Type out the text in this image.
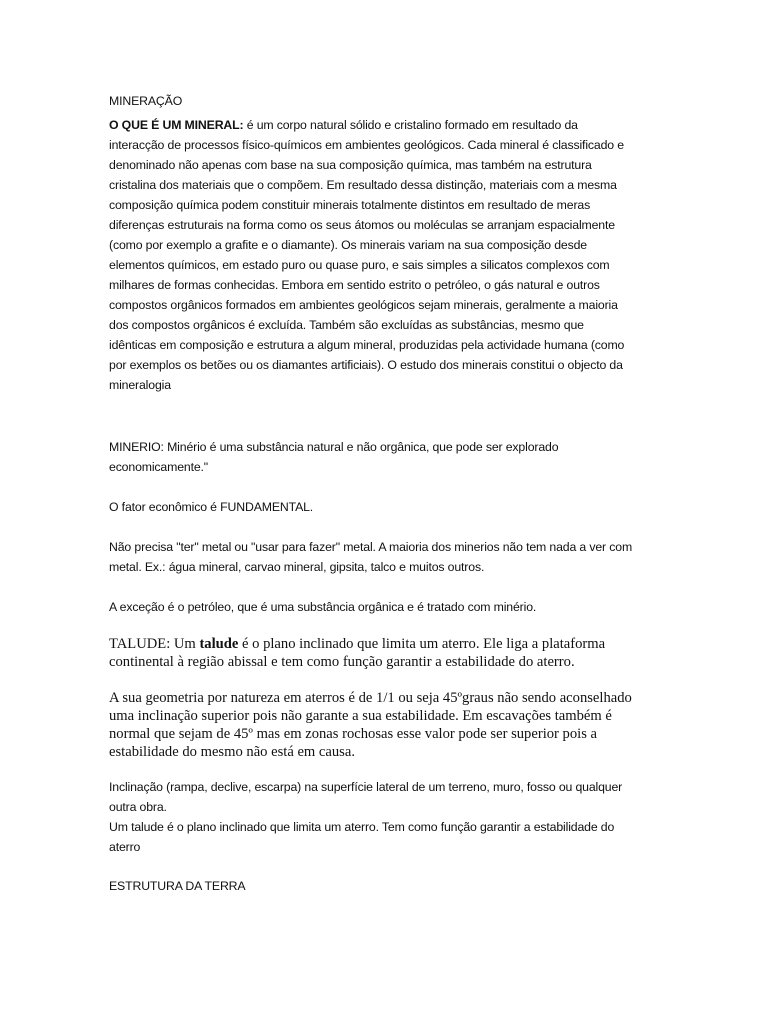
MINERAÇÃO

O QUE É UM MINERAL: é um corpo natural sólido e cristalino formado em resultado da interacção de processos físico-químicos em ambientes geológicos. Cada mineral é classificado e denominado não apenas com base na sua composição química, mas também na estrutura cristalina dos materiais que o compõem. Em resultado dessa distinção, materiais com a mesma composição química podem constituir minerais totalmente distintos em resultado de meras diferenças estruturais na forma como os seus átomos ou moléculas se arranjam espacialmente (como por exemplo a grafite e o diamante). Os minerais variam na sua composição desde elementos químicos, em estado puro ou quase puro, e sais simples a silicatos complexos com milhares de formas conhecidas. Embora em sentido estrito o petróleo, o gás natural e outros compostos orgânicos formados em ambientes geológicos sejam minerais, geralmente a maioria dos compostos orgânicos é excluída. Também são excluídas as substâncias, mesmo que idênticas em composição e estrutura a algum mineral, produzidas pela actividade humana (como por exemplos os betões ou os diamantes artificiais). O estudo dos minerais constitui o objecto da mineralogia

MINERIO: Minério é uma substância natural e não orgânica, que pode ser explorado economicamente."

O fator econômico é FUNDAMENTAL.

Não precisa "ter" metal ou "usar para fazer" metal. A maioria dos minerios não tem nada a ver com metal. Ex.: água mineral, carvao mineral, gipsita, talco e muitos outros.

A exceção é o petróleo, que é uma substância orgânica e é tratado com minério.

TALUDE: Um talude é o plano inclinado que limita um aterro. Ele liga a plataforma continental à região abissal e tem como função garantir a estabilidade do aterro.

A sua geometria por natureza em aterros é de 1/1 ou seja 45ºgraus não sendo aconselhado uma inclinação superior pois não garante a sua estabilidade. Em escavações também é normal que sejam de 45º mas em zonas rochosas esse valor pode ser superior pois a estabilidade do mesmo não está em causa.

Inclinação (rampa, declive, escarpa) na superfície lateral de um terreno, muro, fosso ou qualquer outra obra.

Um talude é o plano inclinado que limita um aterro. Tem como função garantir a estabilidade do aterro

ESTRUTURA DA TERRA
